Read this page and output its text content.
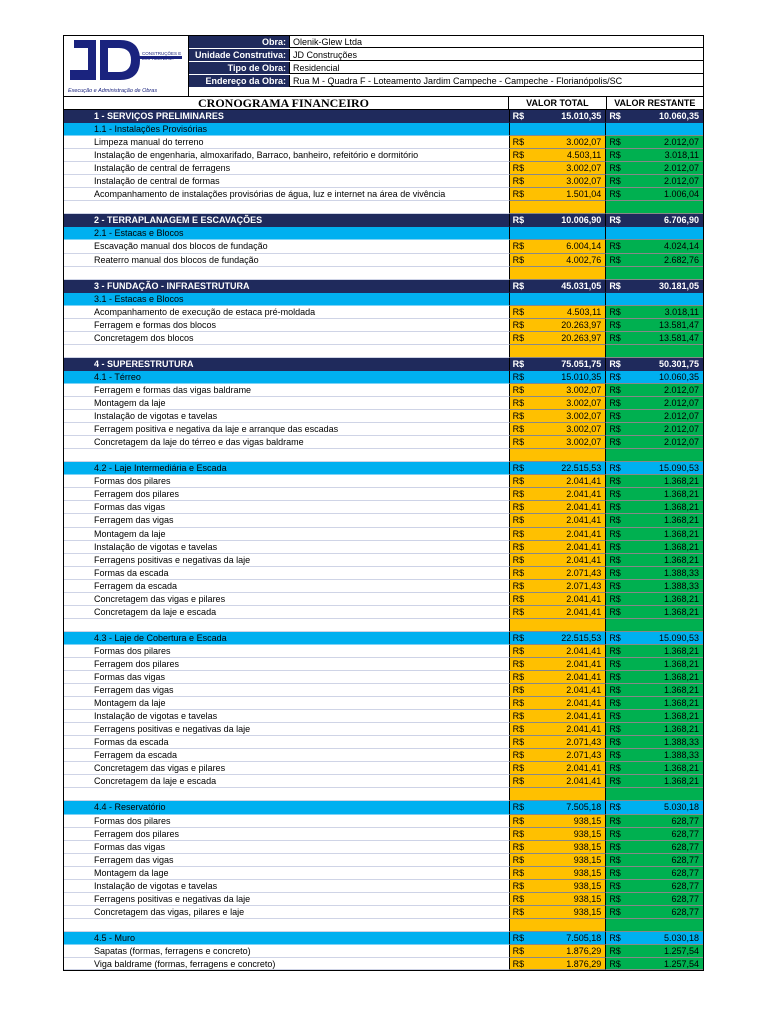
CONSTRUÇÕES E EMPREENDIM.
Execução e Administração de Obras
Obra: Olenik-Glew Ltda
Unidade Construtiva: JD Construções
Tipo de Obra: Residencial
Endereço da Obra: Rua M - Quadra F - Loteamento Jardim Campeche - Campeche - Florianópolis/SC
CRONOGRAMA FINANCEIRO	VALOR TOTAL	VALOR RESTANTE
1 - SERVIÇOS PRELIMINARES	R$	15.010,35 R$	10.060,35
1.1 - Instalações Provisórias
Limpeza manual do terreno	R$	3.002,07 R$	2.012,07
Instalação de engenharia, almoxarifado, Barraco, banheiro, refeitório e dormitório	R$	4.503,11 R$	3.018,11
Instalação de central de ferragens	R$	3.002,07 R$	2.012,07
Instalação de central de formas	R$	3.002,07 R$	2.012,07
Acompanhamento de instalações provisórias de água, luz e internet na área de vivência	R$	1.501,04 R$	1.006,04
2 - TERRAPLANAGEM E ESCAVAÇÕES	R$	10.006,90 R$	6.706,90
2.1 - Estacas e Blocos
Escavação manual dos blocos de fundação	R$	6.004,14 R$	4.024,14
Reaterro manual dos blocos de fundação	R$	4.002,76 R$	2.682,76
3 - FUNDAÇÃO - INFRAESTRUTURA	R$	45.031,05 R$	30.181,05
3.1 - Estacas e Blocos
Acompanhamento de execução de estaca pré-moldada	R$	4.503,11 R$	3.018,11
Ferragem e formas dos blocos	R$	20.263,97 R$	13.581,47
Concretagem dos blocos	R$	20.263,97 R$	13.581,47
4 - SUPERESTRUTURA	R$	75.051,75 R$	50.301,75
4.1 - Térreo	R$	15.010,35 R$	10.060,35
Ferragem e formas das vigas baldrame	R$	3.002,07 R$	2.012,07
Montagem da laje	R$	3.002,07 R$	2.012,07
Instalação de vigotas e tavelas	R$	3.002,07 R$	2.012,07
Ferragem positiva e negativa da laje e arranque das escadas	R$	3.002,07 R$	2.012,07
Concretagem da laje do térreo e das vigas baldrame	R$	3.002,07 R$	2.012,07
4.2 - Laje Intermediária e Escada	R$	22.515,53 R$	15.090,53
Formas dos pilares	R$	2.041,41 R$	1.368,21
Ferragem dos pilares	R$	2.041,41 R$	1.368,21
Formas das vigas	R$	2.041,41 R$	1.368,21
Ferragem das vigas	R$	2.041,41 R$	1.368,21
Montagem da laje	R$	2.041,41 R$	1.368,21
Instalação de vigotas e tavelas	R$	2.041,41 R$	1.368,21
Ferragens positivas e negativas da laje	R$	2.041,41 R$	1.368,21
Formas da escada	R$	2.071,43 R$	1.388,33
Ferragem da escada	R$	2.071,43 R$	1.388,33
Concretagem das vigas e pilares	R$	2.041,41 R$	1.368,21
Concretagem da laje e escada	R$	2.041,41 R$	1.368,21
4.3 - Laje de Cobertura e Escada	R$	22.515,53 R$	15.090,53
Formas dos pilares	R$	2.041,41 R$	1.368,21
Ferragem dos pilares	R$	2.041,41 R$	1.368,21
Formas das vigas	R$	2.041,41 R$	1.368,21
Ferragem das vigas	R$	2.041,41 R$	1.368,21
Montagem da laje	R$	2.041,41 R$	1.368,21
Instalação de vigotas e tavelas	R$	2.041,41 R$	1.368,21
Ferragens positivas e negativas da laje	R$	2.041,41 R$	1.368,21
Formas da escada	R$	2.071,43 R$	1.388,33
Ferragem da escada	R$	2.071,43 R$	1.388,33
Concretagem das vigas e pilares	R$	2.041,41 R$	1.368,21
Concretagem da laje e escada	R$	2.041,41 R$	1.368,21
4.4 - Reservatório	R$	7.505,18 R$	5.030,18
Formas dos pilares	R$	938,15 R$	628,77
Ferragem dos pilares	R$	938,15 R$	628,77
Formas das vigas	R$	938,15 R$	628,77
Ferragem das vigas	R$	938,15 R$	628,77
Montagem da lage	R$	938,15 R$	628,77
Instalação de vigotas e tavelas	R$	938,15 R$	628,77
Ferragens positivas e negativas da laje	R$	938,15 R$	628,77
Concretagem das vigas, pilares e laje	R$	938,15 R$	628,77
4.5 - Muro	R$	7.505,18 R$	5.030,18
Sapatas (formas, ferragens e concreto)	R$	1.876,29 R$	1.257,54
Viga baldrame (formas, ferragens e concreto)	R$	1.876,29 R$	1.257,54
